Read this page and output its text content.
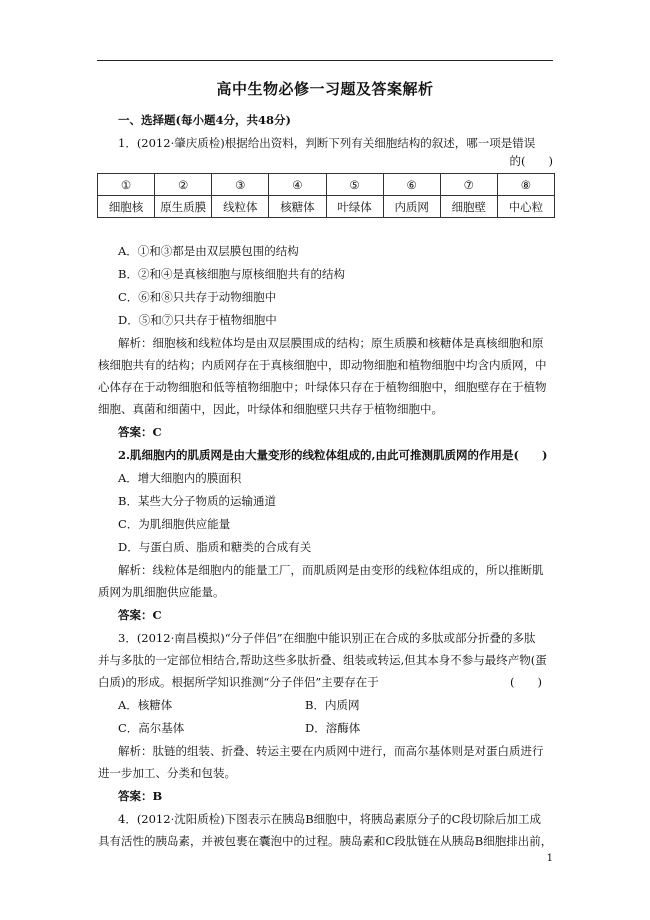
高中生物必修一习题及答案解析
一、选择题(每小题4分，共48分)
1．(2012·肇庆质检)根据给出资料，判断下列有关细胞结构的叙述，哪一项是错误
的(　　)
①	②	③	④	⑤	⑥	⑦	⑧
细胞核	原生质膜	线粒体	核糖体	叶绿体	内质网	细胞壁	中心粒
A．①和③都是由双层膜包围的结构
B．②和④是真核细胞与原核细胞共有的结构
C．⑥和⑧只共存于动物细胞中
D．⑤和⑦只共存于植物细胞中
解析：细胞核和线粒体均是由双层膜围成的结构；原生质膜和核糖体是真核细胞和原
核细胞共有的结构；内质网存在于真核细胞中，即动物细胞和植物细胞中均含内质网，中
心体存在于动物细胞和低等植物细胞中；叶绿体只存在于植物细胞中，细胞壁存在于植物
细胞、真菌和细菌中，因此，叶绿体和细胞壁只共存于植物细胞中。
答案：C
2.肌细胞内的肌质网是由大量变形的线粒体组成的,由此可推测肌质网的作用是(　　)
A．增大细胞内的膜面积
B．某些大分子物质的运输通道
C．为肌细胞供应能量
D．与蛋白质、脂质和糖类的合成有关
解析：线粒体是细胞内的能量工厂，而肌质网是由变形的线粒体组成的，所以推断肌
质网为肌细胞供应能量。
答案：C
3．(2012·南昌模拟)“分子伴侣”在细胞中能识别正在合成的多肽或部分折叠的多肽
并与多肽的一定部位相结合,帮助这些多肽折叠、组装或转运,但其本身不参与最终产物(蛋
白质)的形成。根据所学知识推测“分子伴侣”主要存在于	(　　)
A．核糖体	B．内质网
C．高尔基体	D．溶酶体
解析：肽链的组装、折叠、转运主要在内质网中进行，而高尔基体则是对蛋白质进行
进一步加工、分类和包装。
答案：B
4．(2012·沈阳质检)下图表示在胰岛B细胞中，将胰岛素原分子的C段切除后加工成
具有活性的胰岛素，并被包裹在囊泡中的过程。胰岛素和C段肽链在从胰岛B细胞排出前，
1
